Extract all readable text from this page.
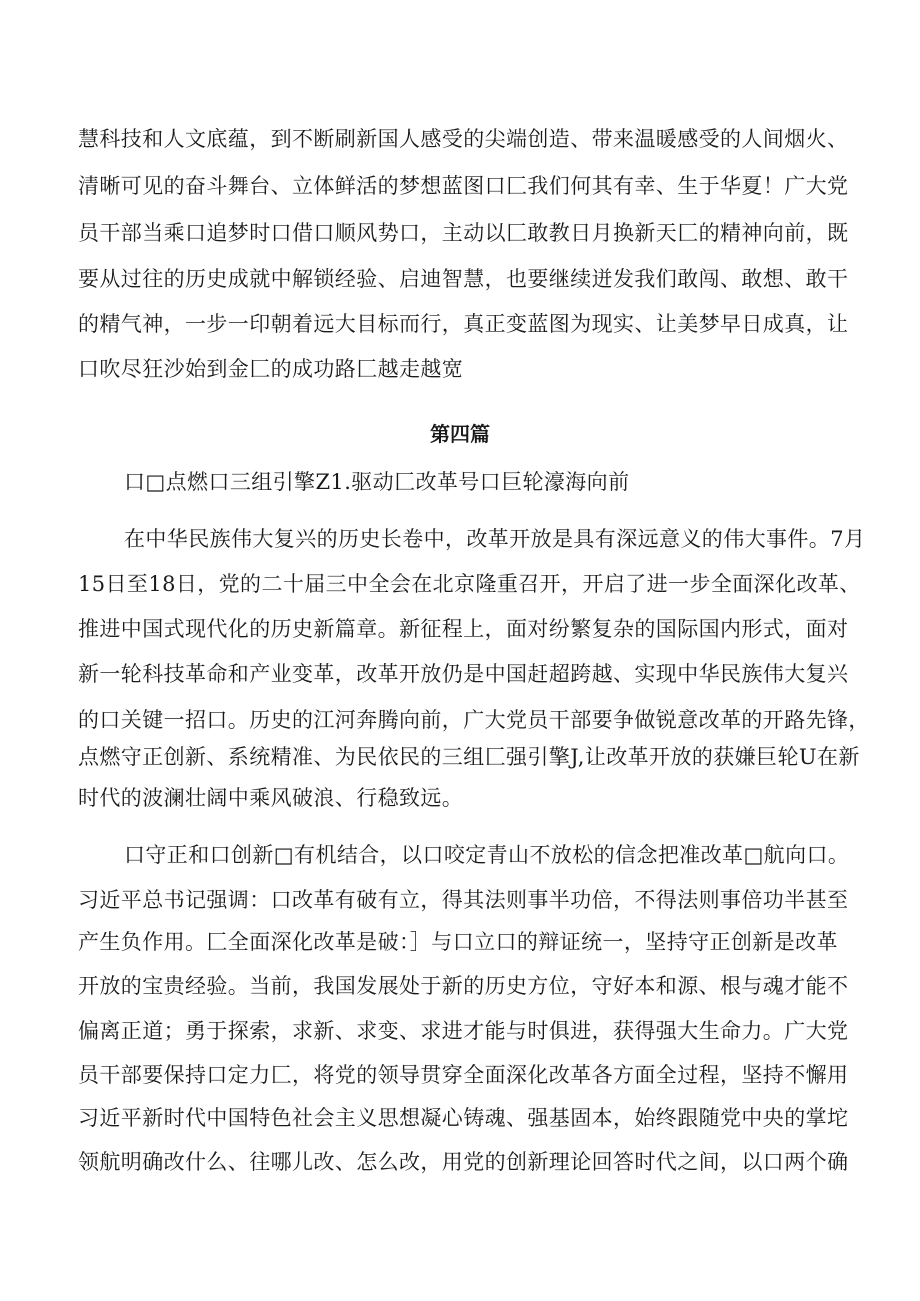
慧科技和人文底蕴，到不断刷新国人感受的尖端创造、带来温暖感受的人间烟火、
清晰可见的奋斗舞台、立体鲜活的梦想蓝图口匚我们何其有幸、生于华夏！广大党
员干部当乘口追梦时口借口顺风势口，主动以匚敢教日月换新天匚的精神向前，既
要从过往的历史成就中解锁经验、启迪智慧，也要继续迸发我们敢闯、敢想、敢干
的精气神，一步一印朝着远大目标而行，真正变蓝图为现实、让美梦早日成真，让
口吹尽狂沙始到金匚的成功路匚越走越宽
第四篇
口□点燃口三组引擎Z1.驱动匚改革号口巨轮濠海向前
在中华民族伟大复兴的历史长卷中，改革开放是具有深远意义的伟大事件。7月
15日至18日，党的二十届三中全会在北京隆重召开，开启了进一步全面深化改革、
推进中国式现代化的历史新篇章。新征程上，面对纷繁复杂的国际国内形式，面对
新一轮科技革命和产业变革，改革开放仍是中国赶超跨越、实现中华民族伟大复兴
的口关键一招口。历史的江河奔腾向前，广大党员干部要争做锐意改革的开路先锋，
点燃守正创新、系统精准、为民依民的三组匚强引擎J,让改革开放的获嫌巨轮U在新
时代的波澜壮阔中乘风破浪、行稳致远。
口守正和口创新□有机结合，以口咬定青山不放松的信念把准改革□航向口。
习近平总书记强调：口改革有破有立，得其法则事半功倍，不得法则事倍功半甚至
产生负作用。匚全面深化改革是破：］与口立口的辩证统一，坚持守正创新是改革
开放的宝贵经验。当前，我国发展处于新的历史方位，守好本和源、根与魂才能不
偏离正道；勇于探索，求新、求变、求进才能与时俱进，获得强大生命力。广大党
员干部要保持口定力匚，将党的领导贯穿全面深化改革各方面全过程，坚持不懈用
习近平新时代中国特色社会主义思想凝心铸魂、强基固本，始终跟随党中央的掌坨
领航明确改什么、往哪儿改、怎么改，用党的创新理论回答时代之间，以口两个确
